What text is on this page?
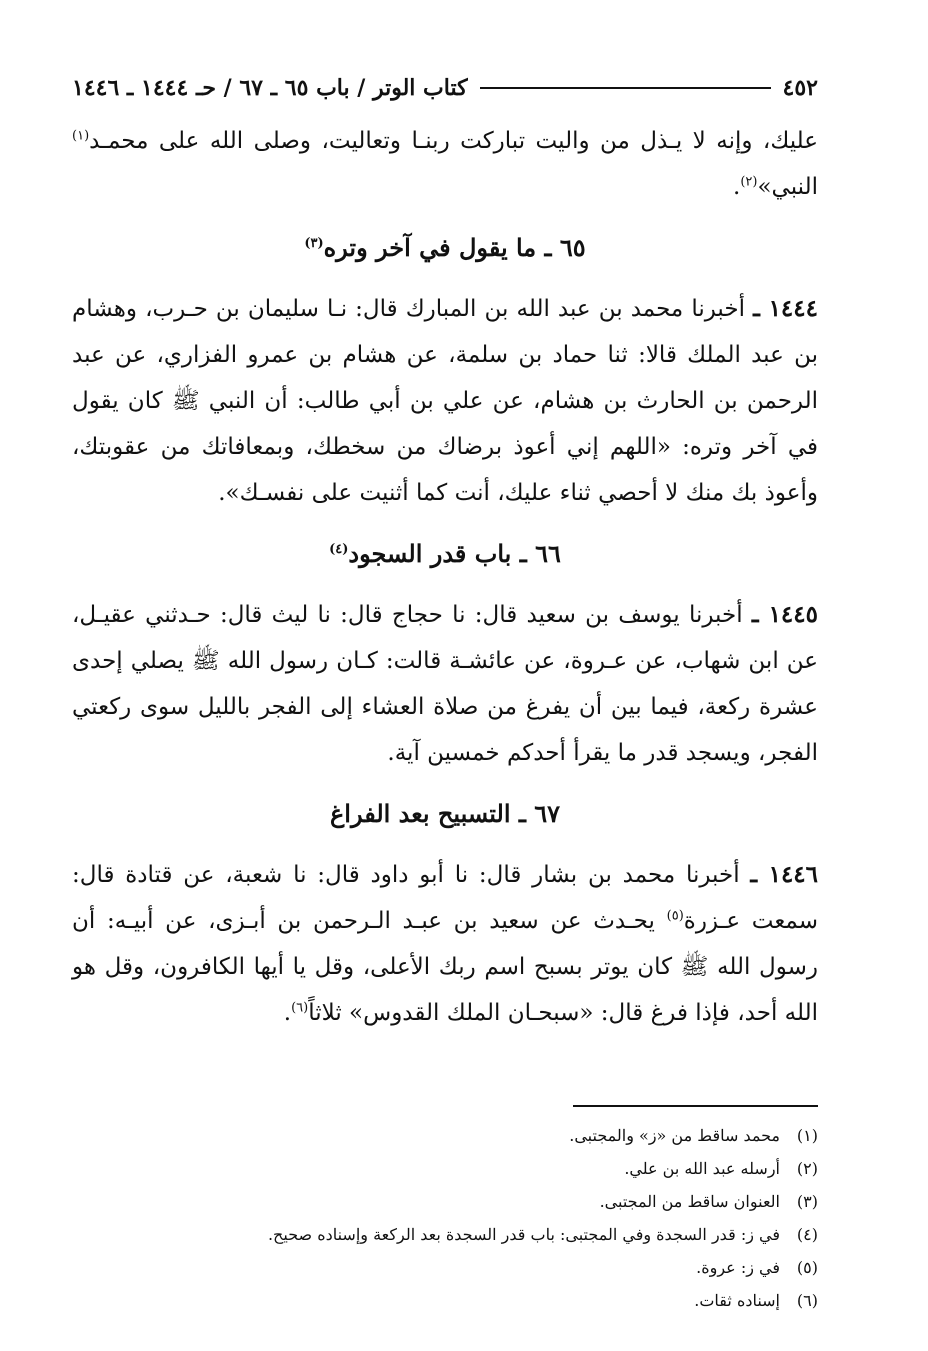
٤٥٢
كتاب الوتر / باب ٦٥ ـ ٦٧ / حـ ١٤٤٤ ـ ١٤٤٦

عليك، وإنه لا يـذل من واليت تباركت ربنـا وتعاليت، وصلى الله على محمـد$^{(١)}$ النبي»$^{(٢)}$.

٦٥ ـ ما يقول في آخر وتره$^{(٣)}$

١٤٤٤ ـ أخبرنا محمد بن عبد الله بن المبارك قال: نـا سليمان بن حـرب، وهشام بن عبد الملك قالا: ثنا حماد بن سلمة، عن هشام بن عمرو الفزاري، عن عبد الرحمن بن الحارث بن هشام، عن علي بن أبي طالب: أن النبي ﷺ كان يقول في آخر وتره: «اللهم إني أعوذ برضاك من سخطك، وبمعافاتك من عقوبتك، وأعوذ بك منك لا أحصي ثناء عليك، أنت كما أثنيت على نفسـك».

٦٦ ـ باب قدر السجود$^{(٤)}$

١٤٤٥ ـ أخبرنا يوسف بن سعيد قال: نا حجاج قال: نا ليث قال: حـدثني عقيـل، عن ابن شهاب، عن عـروة، عن عائشـة قالت: كـان رسول الله ﷺ يصلي إحدى عشرة ركعة، فيما بين أن يفرغ من صلاة العشاء إلى الفجر بالليل سوى ركعتي الفجر، ويسجد قدر ما يقرأ أحدكم خمسين آية.

٦٧ ـ التسبيح بعد الفراغ

١٤٤٦ ـ أخبرنا محمد بن بشار قال: نا أبو داود قال: نا شعبة، عن قتادة قال: سمعت عـزرة$^{(٥)}$ يحـدث عن سعيد بن عبـد الـرحمن بن أبـزى، عن أبيـه: أن رسول الله ﷺ كان يوتر بسبح اسم ربك الأعلى، وقل يا أيها الكافرون، وقل هو الله أحد، فإذا فرغ قال: «سبحـان الملك القدوس» ثلاثاً$^{(٦)}$.

(١)
محمد ساقط من «ز» والمجتبى.
(٢)
أرسله عبد الله بن علي.
(٣)
العنوان ساقط من المجتبى.
(٤)
في ز: قدر السجدة وفي المجتبى: باب قدر السجدة بعد الركعة وإسناده صحيح.
(٥)
في ز: عروة.
(٦)
إسناده ثقات.
